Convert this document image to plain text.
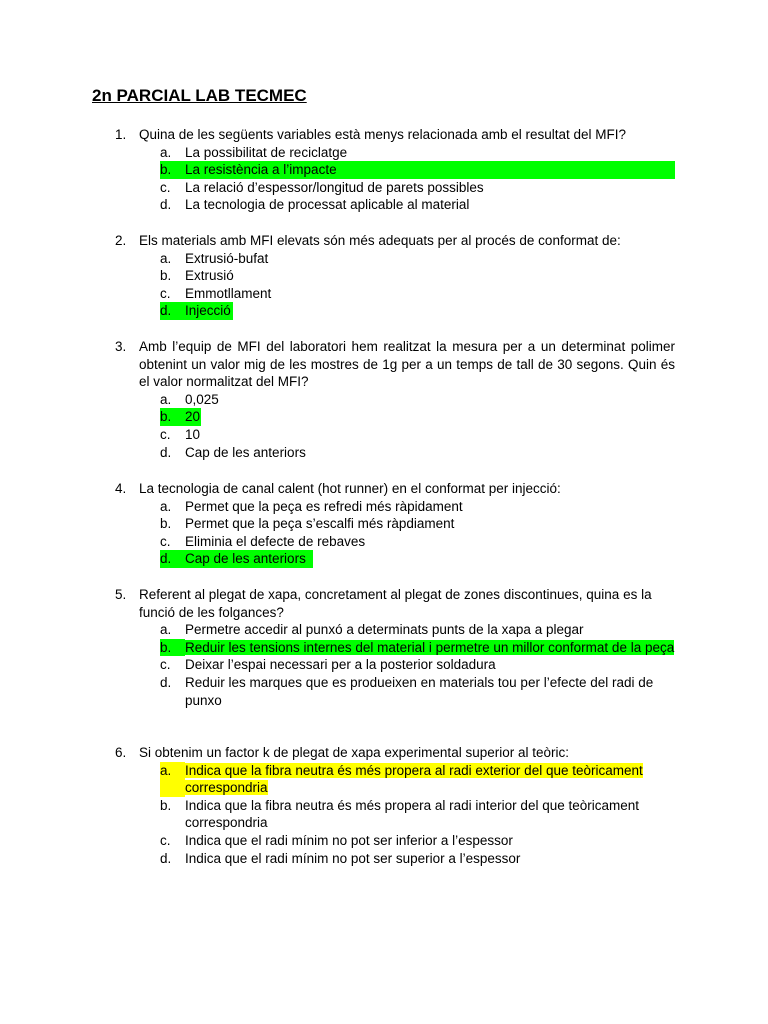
2n PARCIAL LAB TECMEC
1. Quina de les següents variables està menys relacionada amb el resultat del MFI?
a.	La possibilitat de reciclatge
b.	La resistència a l’impacte
c.	La relació d’espessor/longitud de parets possibles
d.	La tecnologia de processat aplicable al material
2. Els materials amb MFI elevats són més adequats per al procés de conformat de:
a.	Extrusió-bufat
b.	Extrusió
c.	Emmotllament
d.	Injecció
3. Amb l’equip de MFI del laboratori hem realitzat la mesura per a un determinat polimer obtenint un valor mig de les mostres de 1g per a un temps de tall de 30 segons. Quin és el valor normalitzat del MFI?
a.	0,025
b.	20
c.	10
d.	Cap de les anteriors
4. La tecnologia de canal calent (hot runner) en el conformat per injecció:
a.	Permet que la peça es refredi més ràpidament
b.	Permet que la peça s’escalfi més ràpdiament
c.	Eliminia el defecte de rebaves
d.	Cap de les anteriors
5. Referent al plegat de xapa, concretament al plegat de zones discontinues, quina es la funció de les folgances?
a.	Permetre accedir al punxó a determinats punts de la xapa a plegar
b.	Reduir les tensions internes del material i permetre un millor conformat de la peça
c.	Deixar l’espai necessari per a la posterior soldadura
d.	Reduir les marques que es produeixen en materials tou per l’efecte del radi de punxo
6. Si obtenim un factor k de plegat de xapa experimental superior al teòric:
a.	Indica que la fibra neutra és més propera al radi exterior del que teòricament correspondria
b.	Indica que la fibra neutra és més propera al radi interior del que teòricament correspondria
c.	Indica que el radi mínim no pot ser inferior a l’espessor
d.	Indica que el radi mínim no pot ser superior a l’espessor
